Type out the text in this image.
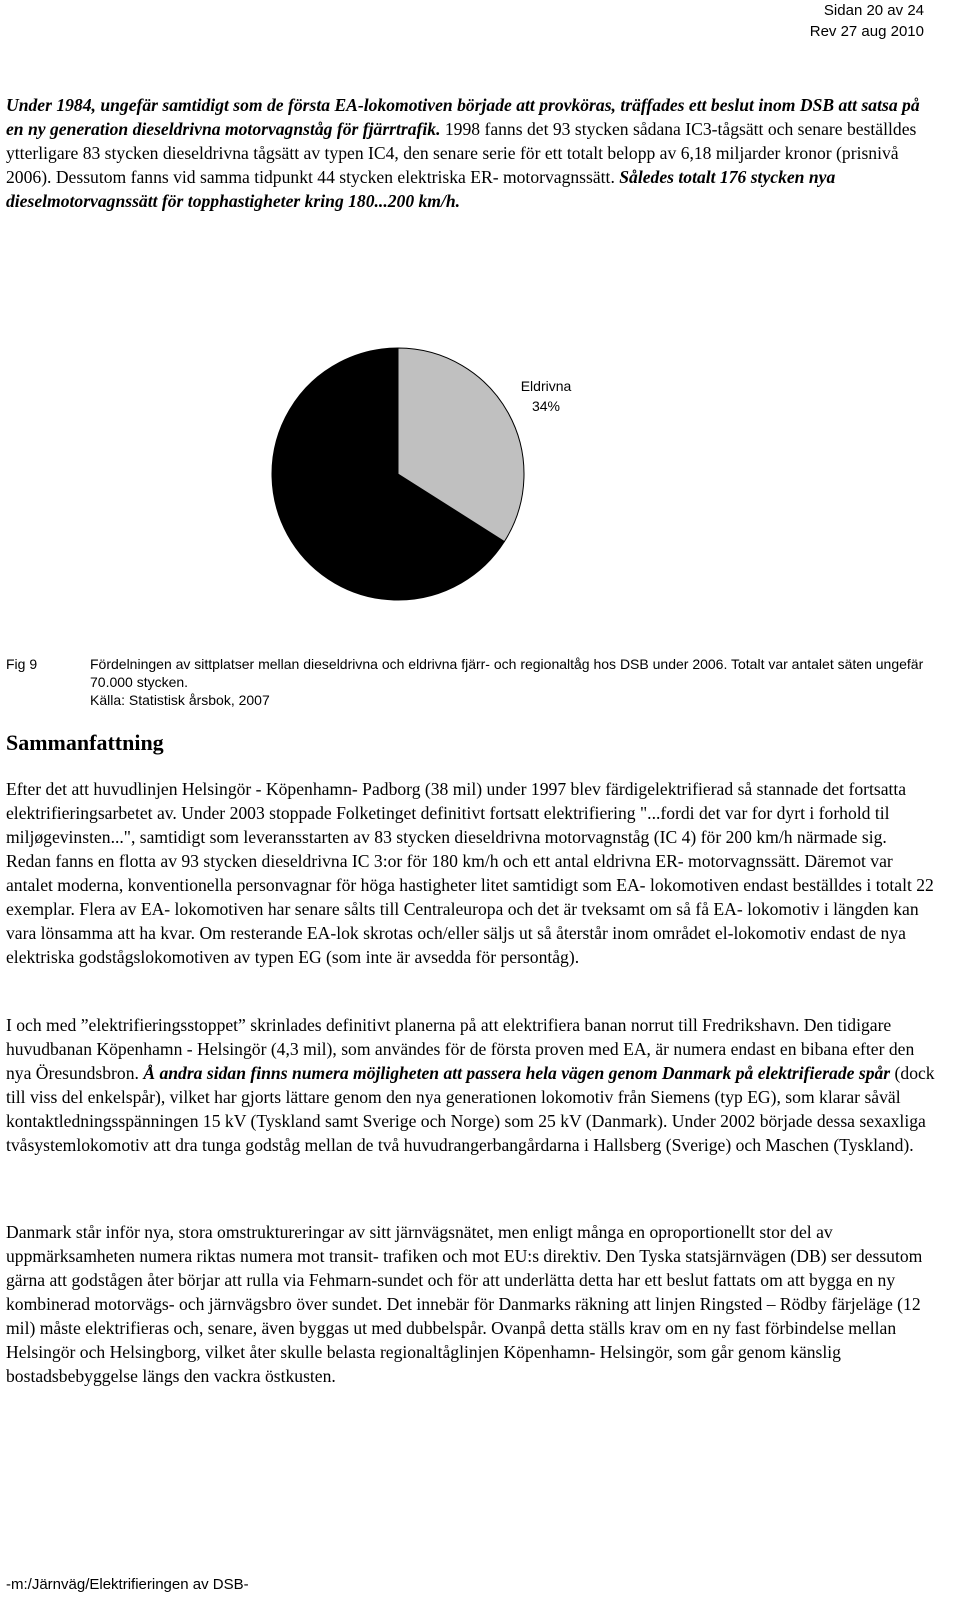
Sidan 20 av 24
Rev 27 aug 2010

Under 1984, ungefär samtidigt som de första EA-lokomotiven började att provköras, träffades ett beslut inom DSB att satsa på en ny generation dieseldrivna motorvagnståg för fjärrtrafik. 1998 fanns det 93 stycken sådana IC3-tågsätt och senare beställdes ytterligare 83 stycken dieseldrivna tågsätt av typen IC4, den senare serie för ett totalt belopp av 6,18 miljarder kronor (prisnivå 2006). Dessutom fanns vid samma tidpunkt 44 stycken elektriska ER- motorvagnssätt. Således totalt 176 stycken nya dieselmotorvagnssätt för topphastigheter kring 180...200 km/h.

Eldrivna
34%
Dieseldriv .
66%
Fig 9	Fördelningen av sittplatser mellan dieseldrivna och eldrivna fjärr- och regionaltåg hos DSB under 2006. Totalt var antalet säten ungefär 70.000 stycken.
Källa: Statistisk årsbok, 2007
Sammanfattning

Efter det att huvudlinjen Helsingör - Köpenhamn- Padborg (38 mil) under 1997 blev färdigelektrifierad så stannade det fortsatta elektrifieringsarbetet av. Under 2003 stoppade Folketinget definitivt fortsatt elektrifiering "...fordi det var for dyrt i forhold til miljøgevinsten...", samtidigt som leveransstarten av 83 stycken dieseldrivna motorvagnståg (IC 4) för 200 km/h närmade sig. Redan fanns en flotta av 93 stycken dieseldrivna IC 3:or för 180 km/h och ett antal eldrivna ER- motorvagnssätt. Däremot var antalet moderna, konventionella personvagnar för höga hastigheter litet samtidigt som EA- lokomotiven endast beställdes i totalt 22 exemplar. Flera av EA- lokomotiven har senare sålts till Centraleuropa och det är tveksamt om så få EA- lokomotiv i längden kan vara lönsamma att ha kvar. Om resterande EA-lok skrotas och/eller säljs ut så återstår inom området el-lokomotiv endast de nya elektriska godstågslokomotiven av typen EG (som inte är avsedda för persontåg).

I och med ”elektrifieringsstoppet” skrinlades definitivt planerna på att elektrifiera banan norrut till Fredrikshavn. Den tidigare huvudbanan Köpenhamn - Helsingör (4,3 mil), som användes för de första proven med EA, är numera endast en bibana efter den nya Öresundsbron. Å andra sidan finns numera möjligheten att passera hela vägen genom Danmark på elektrifierade spår (dock till viss del enkelspår), vilket har gjorts lättare genom den nya generationen lokomotiv från Siemens (typ EG), som klarar såväl kontaktledningsspänningen 15 kV (Tyskland samt Sverige och Norge) som 25 kV (Danmark). Under 2002 började dessa sexaxliga tvåsystemlokomotiv att dra tunga godståg mellan de två huvudrangerbangårdarna i Hallsberg (Sverige) och Maschen (Tyskland).

Danmark står inför nya, stora omstruktureringar av sitt järnvägsnätet, men enligt många en oproportionellt stor del av uppmärksamheten numera riktas numera mot transit- trafiken och mot EU:s direktiv. Den Tyska statsjärnvägen (DB) ser dessutom gärna att godstågen åter börjar att rulla via Fehmarn-sundet och för att underlätta detta har ett beslut fattats om att bygga en ny kombinerad motorvägs- och järnvägsbro över sundet. Det innebär för Danmarks räkning att linjen Ringsted – Rödby färjeläge (12 mil) måste elektrifieras och, senare, även byggas ut med dubbelspår. Ovanpå detta ställs krav om en ny fast förbindelse mellan Helsingör och Helsingborg, vilket åter skulle belasta regionaltåglinjen Köpenhamn- Helsingör, som går genom känslig bostadsbebyggelse längs den vackra östkusten.

-m:/Järnväg/Elektrifieringen av DSB-
